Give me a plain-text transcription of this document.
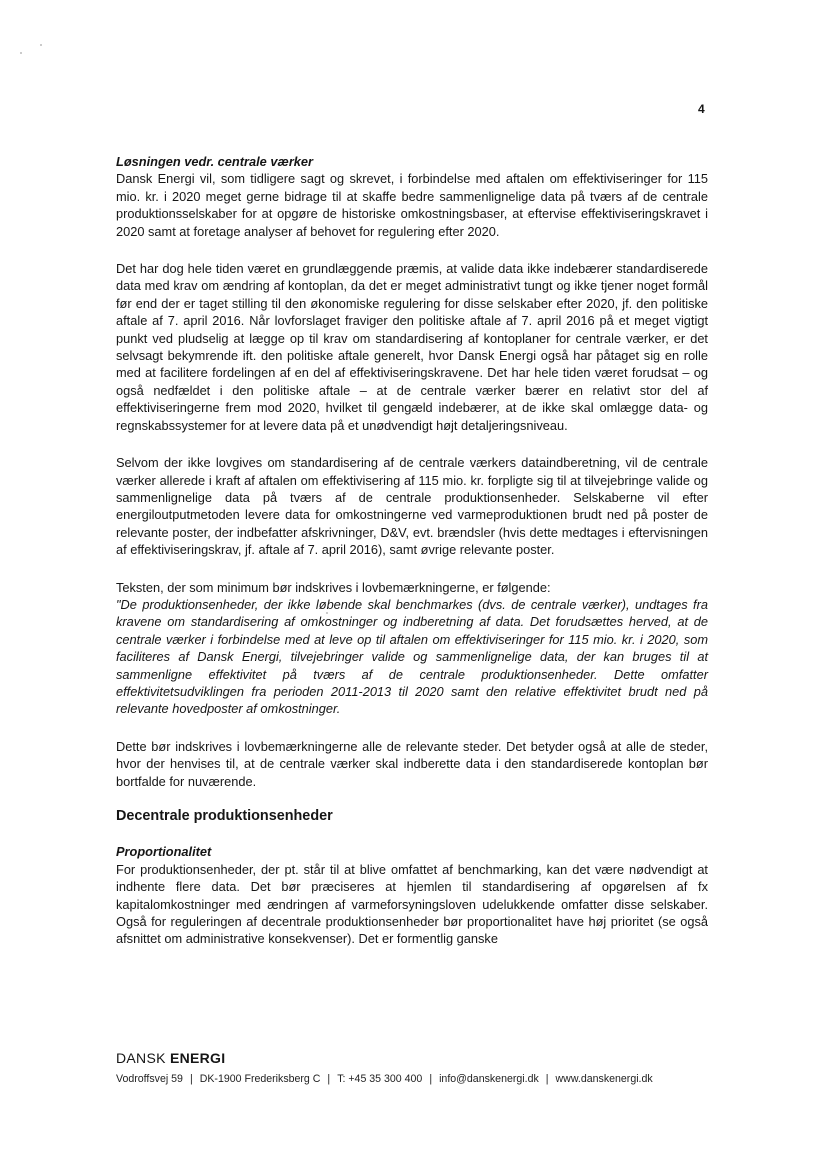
4
Løsningen vedr. centrale værker

Dansk Energi vil, som tidligere sagt og skrevet, i forbindelse med aftalen om effektiviseringer for 115 mio. kr. i 2020 meget gerne bidrage til at skaffe bedre sammenlignelige data på tværs af de centrale produktionsselskaber for at opgøre de historiske omkostningsbaser, at eftervise effektiviseringskravet i 2020 samt at foretage analyser af behovet for regulering efter 2020.

Det har dog hele tiden været en grundlæggende præmis, at valide data ikke indebærer standardiserede data med krav om ændring af kontoplan, da det er meget administrativt tungt og ikke tjener noget formål før end der er taget stilling til den økonomiske regulering for disse selskaber efter 2020, jf. den politiske aftale af 7. april 2016. Når lovforslaget fraviger den politiske aftale af 7. april 2016 på et meget vigtigt punkt ved pludselig at lægge op til krav om standardisering af kontoplaner for centrale værker, er det selvsagt bekymrende ift. den politiske aftale generelt, hvor Dansk Energi også har påtaget sig en rolle med at facilitere fordelingen af en del af effektiviseringskravene. Det har hele tiden været forudsat – og også nedfældet i den politiske aftale – at de centrale værker bærer en relativt stor del af effektiviseringerne frem mod 2020, hvilket til gengæld indebærer, at de ikke skal omlægge data- og regnskabssystemer for at levere data på et unødvendigt højt detaljeringsniveau.

Selvom der ikke lovgives om standardisering af de centrale værkers dataindberetning, vil de centrale værker allerede i kraft af aftalen om effektivisering af 115 mio. kr. forpligte sig til at tilvejebringe valide og sammenlignelige data på tværs af de centrale produktionsenheder. Selskaberne vil efter energiloutputmetoden levere data for omkostningerne ved varmeproduktionen brudt ned på poster de relevante poster, der indbefatter afskrivninger, D&V, evt. brændsler (hvis dette medtages i eftervisningen af effektiviseringskrav, jf. aftale af 7. april 2016), samt øvrige relevante poster.

Teksten, der som minimum bør indskrives i lovbemærkningerne, er følgende:

"De produktionsenheder, der ikke løbende skal benchmarkes (dvs. de centrale værker), undtages fra kravene om standardisering af omkostninger og indberetning af data. Det forudsættes herved, at de centrale værker i forbindelse med at leve op til aftalen om effektiviseringer for 115 mio. kr. i 2020, som faciliteres af Dansk Energi, tilvejebringer valide og sammenlignelige data, der kan bruges til at sammenligne effektivitet på tværs af de centrale produktionsenheder. Dette omfatter effektivitetsudviklingen fra perioden 2011-2013 til 2020 samt den relative effektivitet brudt ned på relevante hovedposter af omkostninger.

Dette bør indskrives i lovbemærkningerne alle de relevante steder. Det betyder også at alle de steder, hvor der henvises til, at de centrale værker skal indberette data i den standardiserede kontoplan bør bortfalde for nuværende.

Decentrale produktionsenheder

Proportionalitet

For produktionsenheder, der pt. står til at blive omfattet af benchmarking, kan det være nødvendigt at indhente flere data. Det bør præciseres at hjemlen til standardisering af opgørelsen af fx kapitalomkostninger med ændringen af varmeforsyningsloven udelukkende omfatter disse selskaber. Også for reguleringen af decentrale produktionsenheder bør proportionalitet have høj prioritet (se også afsnittet om administrative konsekvenser). Det er formentlig ganske

DANSK ENERGI
Vodroffsvej 59 | DK-1900 Frederiksberg C | T: +45 35 300 400 | info@danskenergi.dk | www.danskenergi.dk
